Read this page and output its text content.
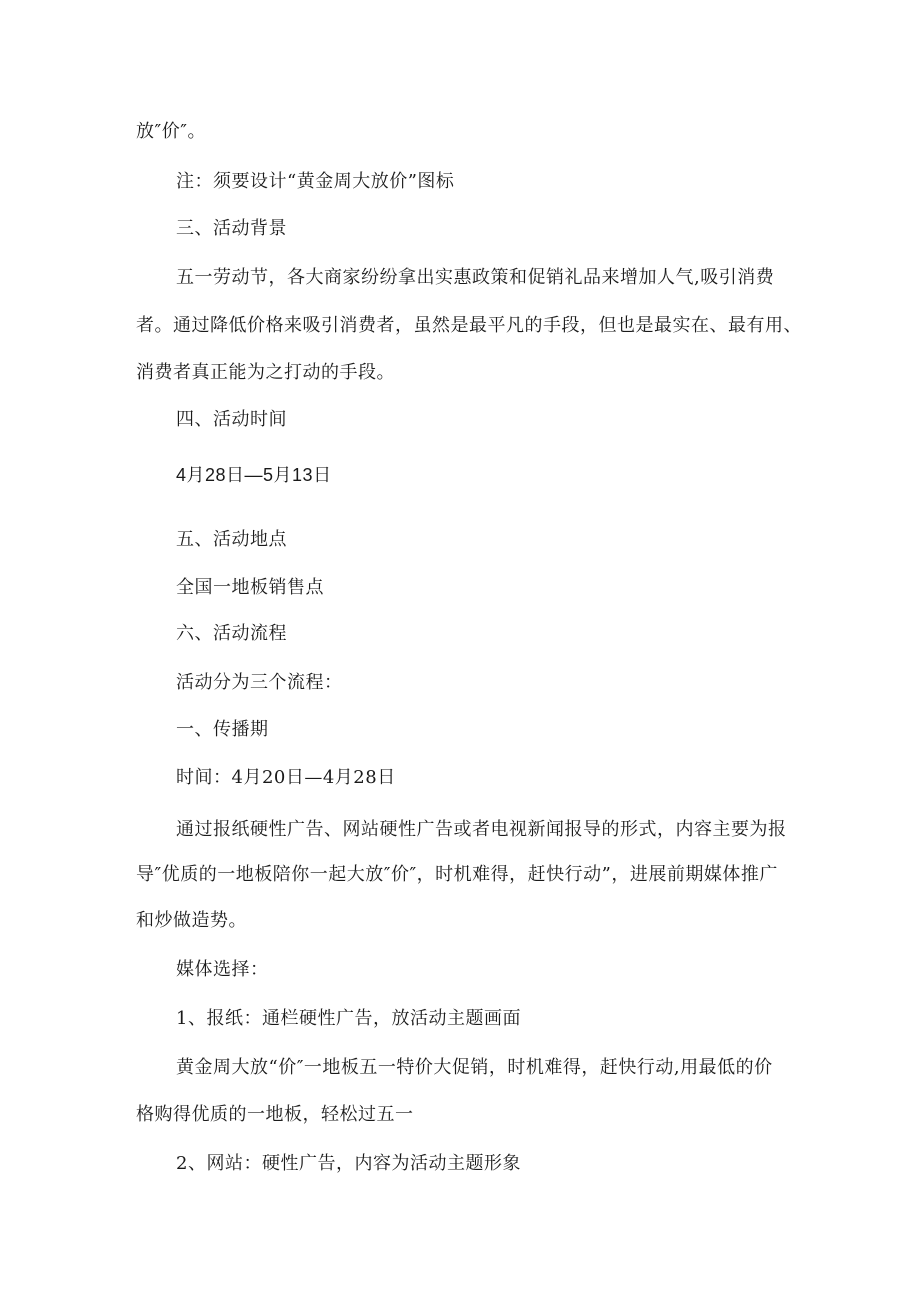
放″价″。
注：须要设计“黄金周大放价”图标
三、活动背景
五一劳动节，各大商家纷纷拿出实惠政策和促销礼品来增加人气,吸引消费
者。通过降低价格来吸引消费者，虽然是最平凡的手段，但也是最实在、最有用、
消费者真正能为之打动的手段。
四、活动时间
4月28日—5月13日
五、活动地点
全国一地板销售点
六、活动流程
活动分为三个流程：
一、传播期
时间：4月20日—4月28日
通过报纸硬性广告、网站硬性广告或者电视新闻报导的形式，内容主要为报
导″优质的一地板陪你一起大放″价″，时机难得，赶快行动”，进展前期媒体推广
和炒做造势。
媒体选择：
1、报纸：通栏硬性广告，放活动主题画面
黄金周大放“价″一地板五一特价大促销，时机难得，赶快行动,用最低的价
格购得优质的一地板，轻松过五一
2、网站：硬性广告，内容为活动主题形象
